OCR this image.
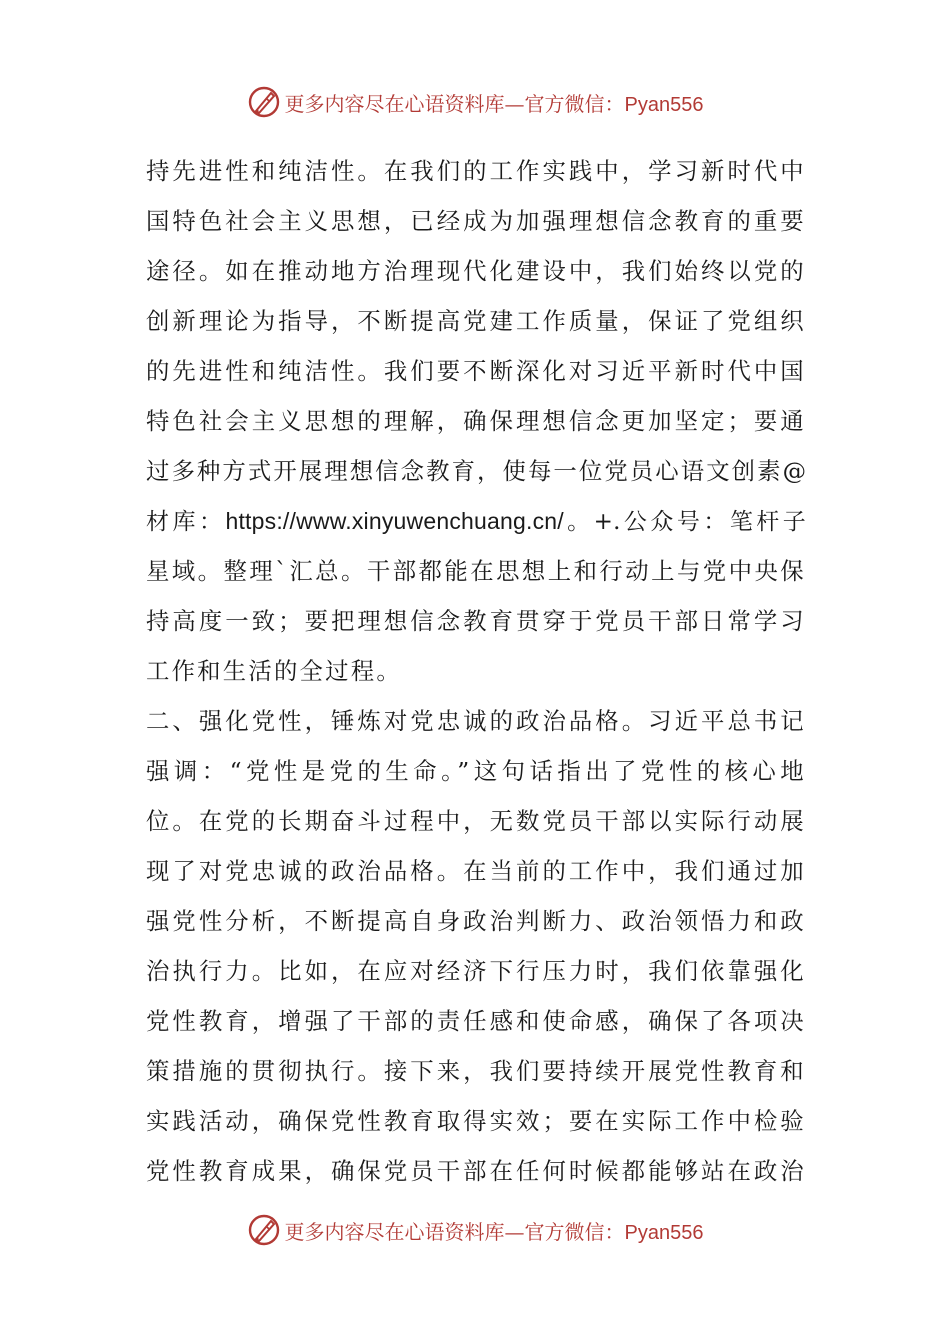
更多内容尽在心语资料库—官方微信：Pyan556
持先进性和纯洁性。在我们的工作实践中，学习新时代中
国特色社会主义思想，已经成为加强理想信念教育的重要
途径。如在推动地方治理现代化建设中，我们始终以党的
创新理论为指导，不断提高党建工作质量，保证了党组织
的先进性和纯洁性。我们要不断深化对习近平新时代中国
特色社会主义思想的理解，确保理想信念更加坚定；要通
过多种方式开展理想信念教育，使每一位党员心语文创素@
材库：https://www.xinyuwenchuang.cn/。+.公众号：笔杆子
星域。整理`汇总。干部都能在思想上和行动上与党中央保
持高度一致；要把理想信念教育贯穿于党员干部日常学习
工作和生活的全过程。
二、强化党性，锤炼对党忠诚的政治品格。习近平总书记
强调：“党性是党的生命。”这句话指出了党性的核心地
位。在党的长期奋斗过程中，无数党员干部以实际行动展
现了对党忠诚的政治品格。在当前的工作中，我们通过加
强党性分析，不断提高自身政治判断力、政治领悟力和政
治执行力。比如，在应对经济下行压力时，我们依靠强化
党性教育，增强了干部的责任感和使命感，确保了各项决
策措施的贯彻执行。接下来，我们要持续开展党性教育和
实践活动，确保党性教育取得实效；要在实际工作中检验
党性教育成果，确保党员干部在任何时候都能够站在政治
更多内容尽在心语资料库—官方微信：Pyan556
